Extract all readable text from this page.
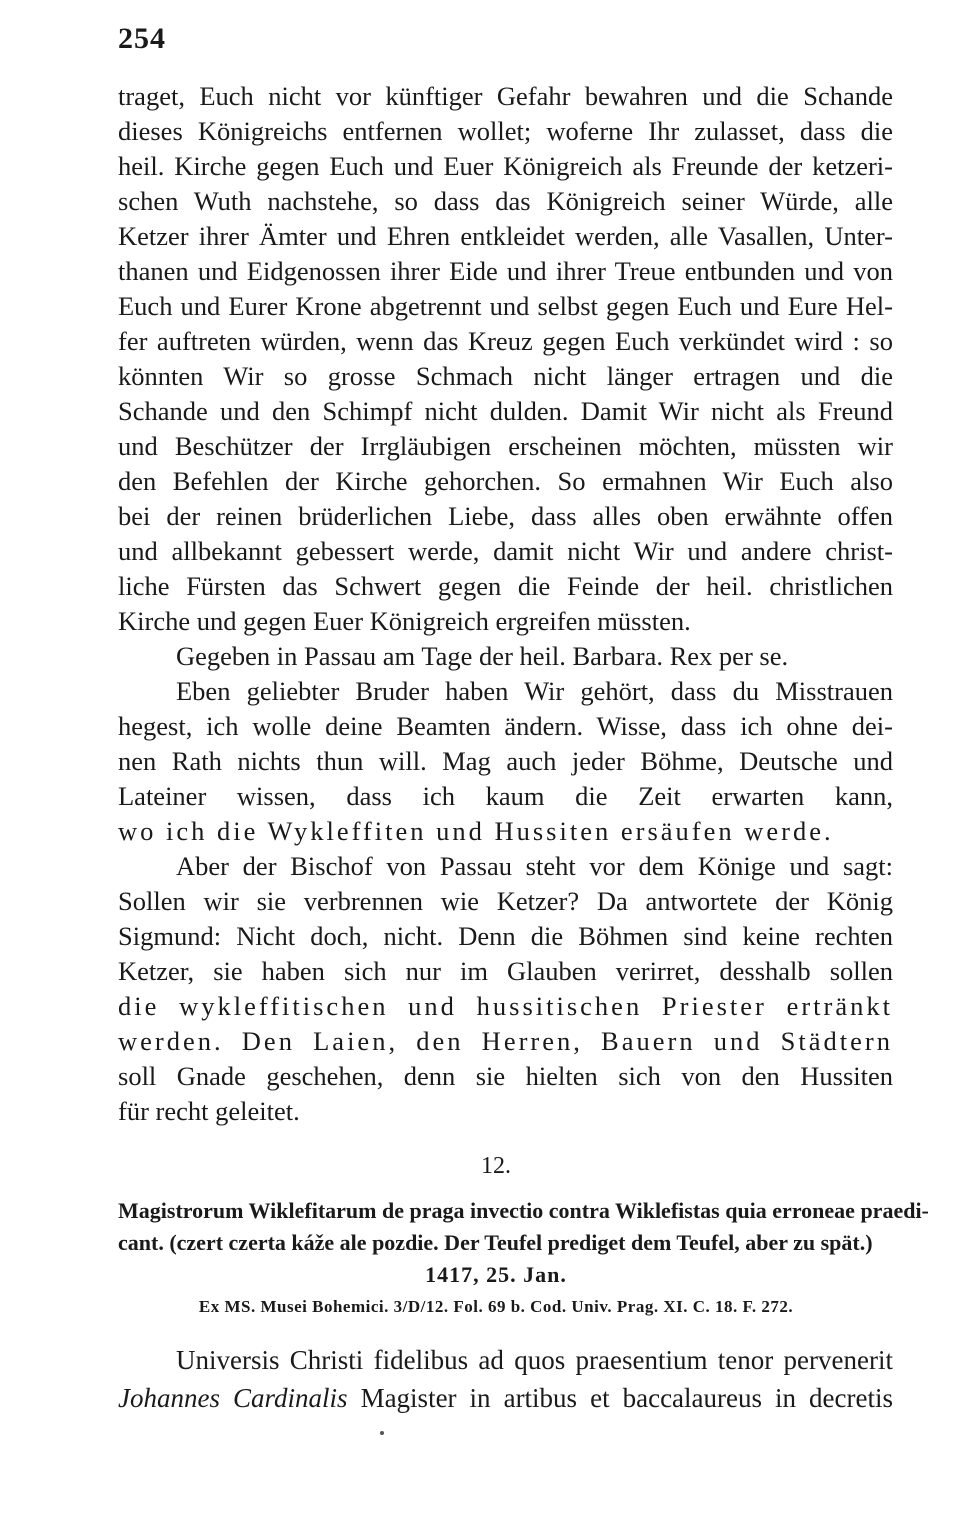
254
traget, Euch nicht vor künftiger Gefahr bewahren und die Schande
dieses Königreichs entfernen wollet; woferne Ihr zulasset, dass die
heil. Kirche gegen Euch und Euer Königreich als Freunde der ketzeri-
schen Wuth nachstehe, so dass das Königreich seiner Würde, alle
Ketzer ihrer Ämter und Ehren entkleidet werden, alle Vasallen, Unter-
thanen und Eidgenossen ihrer Eide und ihrer Treue entbunden und von
Euch und Eurer Krone abgetrennt und selbst gegen Euch und Eure Hel-
fer auftreten würden, wenn das Kreuz gegen Euch verkündet wird : so
könnten Wir so grosse Schmach nicht länger ertragen und die
Schande und den Schimpf nicht dulden. Damit Wir nicht als Freund
und Beschützer der Irrgläubigen erscheinen möchten, müssten wir
den Befehlen der Kirche gehorchen. So ermahnen Wir Euch also
bei der reinen brüderlichen Liebe, dass alles oben erwähnte offen
und allbekannt gebessert werde, damit nicht Wir und andere christ-
liche Fürsten das Schwert gegen die Feinde der heil. christlichen
Kirche und gegen Euer Königreich ergreifen müssten.
Gegeben in Passau am Tage der heil. Barbara. Rex per se.
Eben geliebter Bruder haben Wir gehört, dass du Misstrauen
hegest, ich wolle deine Beamten ändern. Wisse, dass ich ohne dei-
nen Rath nichts thun will. Mag auch jeder Böhme, Deutsche und
Lateiner wissen, dass ich kaum die Zeit erwarten kann,
wo ich die Wykleffiten und Hussiten ersäufen werde.
Aber der Bischof von Passau steht vor dem Könige und sagt:
Sollen wir sie verbrennen wie Ketzer? Da antwortete der König
Sigmund: Nicht doch, nicht. Denn die Böhmen sind keine rechten
Ketzer, sie haben sich nur im Glauben verirret, desshalb sollen
die wykleffitischen und hussitischen Priester ertränkt
werden. Den Laien, den Herren, Bauern und Städtern
soll Gnade geschehen, denn sie hielten sich von den Hussiten
für recht geleitet.
12.
Magistrorum Wiklefitarum de praga invectio contra Wiklefistas quia erroneae praedi-
cant. (czert czerta káže ale pozdie. Der Teufel prediget dem Teufel, aber zu spät.)
1417, 25. Jan.
Ex MS. Musei Bohemici. 3/D/12. Fol. 69 b. Cod. Univ. Prag. XI. C. 18. F. 272.
Universis Christi fidelibus ad quos praesentium tenor pervenerit
Johannes Cardinalis Magister in artibus et baccalaureus in decretis
